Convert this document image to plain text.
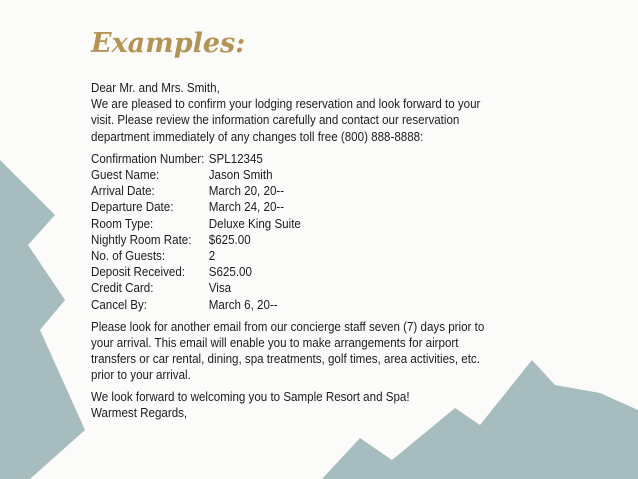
Examples:

Dear Mr. and Mrs. Smith,

We are pleased to confirm your lodging reservation and look forward to your visit. Please review the information carefully and contact our reservation department immediately of any changes toll free (800) 888-8888:

Confirmation Number: SPL12345
Guest Name:	Jason Smith
Arrival Date:	March 20, 20--
Departure Date:	March 24, 20--
Room Type:	Deluxe King Suite
Nightly Room Rate:	$625.00
No. of Guests:	2
Deposit Received:	S625.00
Credit Card:	Visa
Cancel By:	March 6, 20--

Please look for another email from our concierge staff seven (7) days prior to your arrival. This email will enable you to make arrangements for airport transfers or car rental, dining, spa treatments, golf times, area activities, etc. prior to your arrival.

We look forward to welcoming you to Sample Resort and Spa!

Warmest Regards,
